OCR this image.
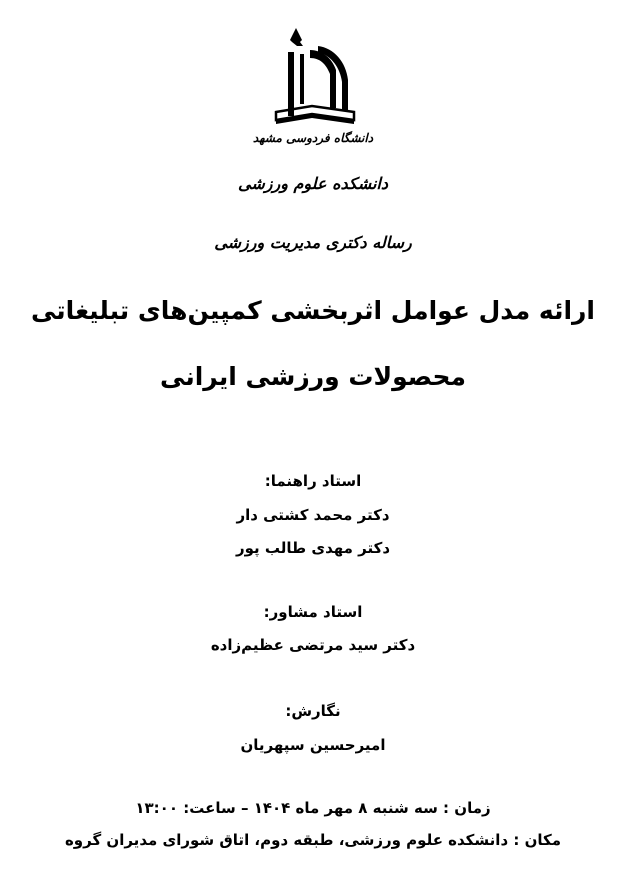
دانشگاه فردوسی مشهد
دانشکده علوم ورزشی
رساله دکتری مدیریت ورزشی
ارائه مدل عوامل اثربخشی کمپین‌های تبلیغاتی
محصولات ورزشی ایرانی
استاد راهنما:
دکتر محمد کشتی دار
دکتر مهدی طالب پور
استاد مشاور:
دکتر سید مرتضی عظیم‌زاده
نگارش:
امیرحسین سپهریان
زمان : سه شنبه ۸ مهر ماه ۱۴۰۴ – ساعت: ۱۳:۰۰
مکان : دانشکده علوم ورزشی، طبقه دوم، اتاق شورای مدیران گروه
